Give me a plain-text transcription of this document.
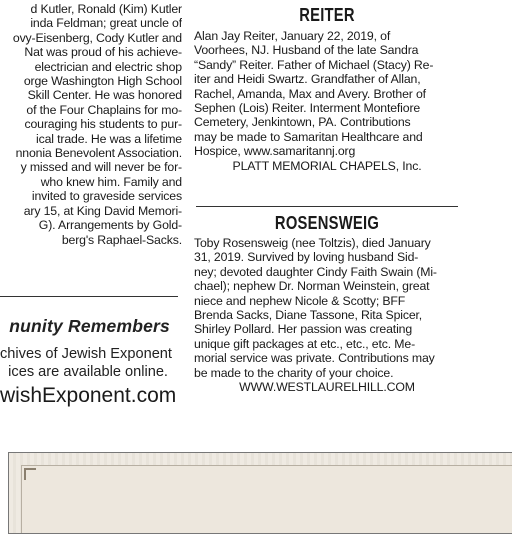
d Kutler, Ronald (Kim) Kutler
inda Feldman; great uncle of
ovy-Eisenberg, Cody Kutler and
Nat was proud of his achieve-
electrician and electric shop
orge Washington High School
Skill Center. He was honored
of the Four Chaplains for mo-
couraging his students to pur-
ical trade. He was a lifetime
nnonia Benevolent Association.
y missed and will never be for-
who knew him. Family and
invited to graveside services
ary 15, at King David Memori-
G). Arrangements by Gold-
berg's Raphael-Sacks.
nunity Remembers
chives of Jewish Exponent
ices are available online.
wishExponent.com
REITER
Alan Jay Reiter, January 22, 2019, of
Voorhees, NJ. Husband of the late Sandra
“Sandy” Reiter. Father of Michael (Stacy) Re-
iter and Heidi Swartz. Grandfather of Allan,
Rachel, Amanda, Max and Avery. Brother of
Sephen (Lois) Reiter. Interment Montefiore
Cemetery, Jenkintown, PA. Contributions
may be made to Samaritan Healthcare and
Hospice, www.samaritannj.org
PLATT MEMORIAL CHAPELS, Inc.
ROSENSWEIG
Toby Rosensweig (nee Toltzis), died January
31, 2019. Survived by loving husband Sid-
ney; devoted daughter Cindy Faith Swain (Mi-
chael); nephew Dr. Norman Weinstein, great
niece and nephew Nicole & Scotty; BFF
Brenda Sacks, Diane Tassone, Rita Spicer,
Shirley Pollard. Her passion was creating
unique gift packages at etc., etc., etc. Me-
morial service was private. Contributions may
be made to the charity of your choice.
WWW.WESTLAURELHILL.COM
